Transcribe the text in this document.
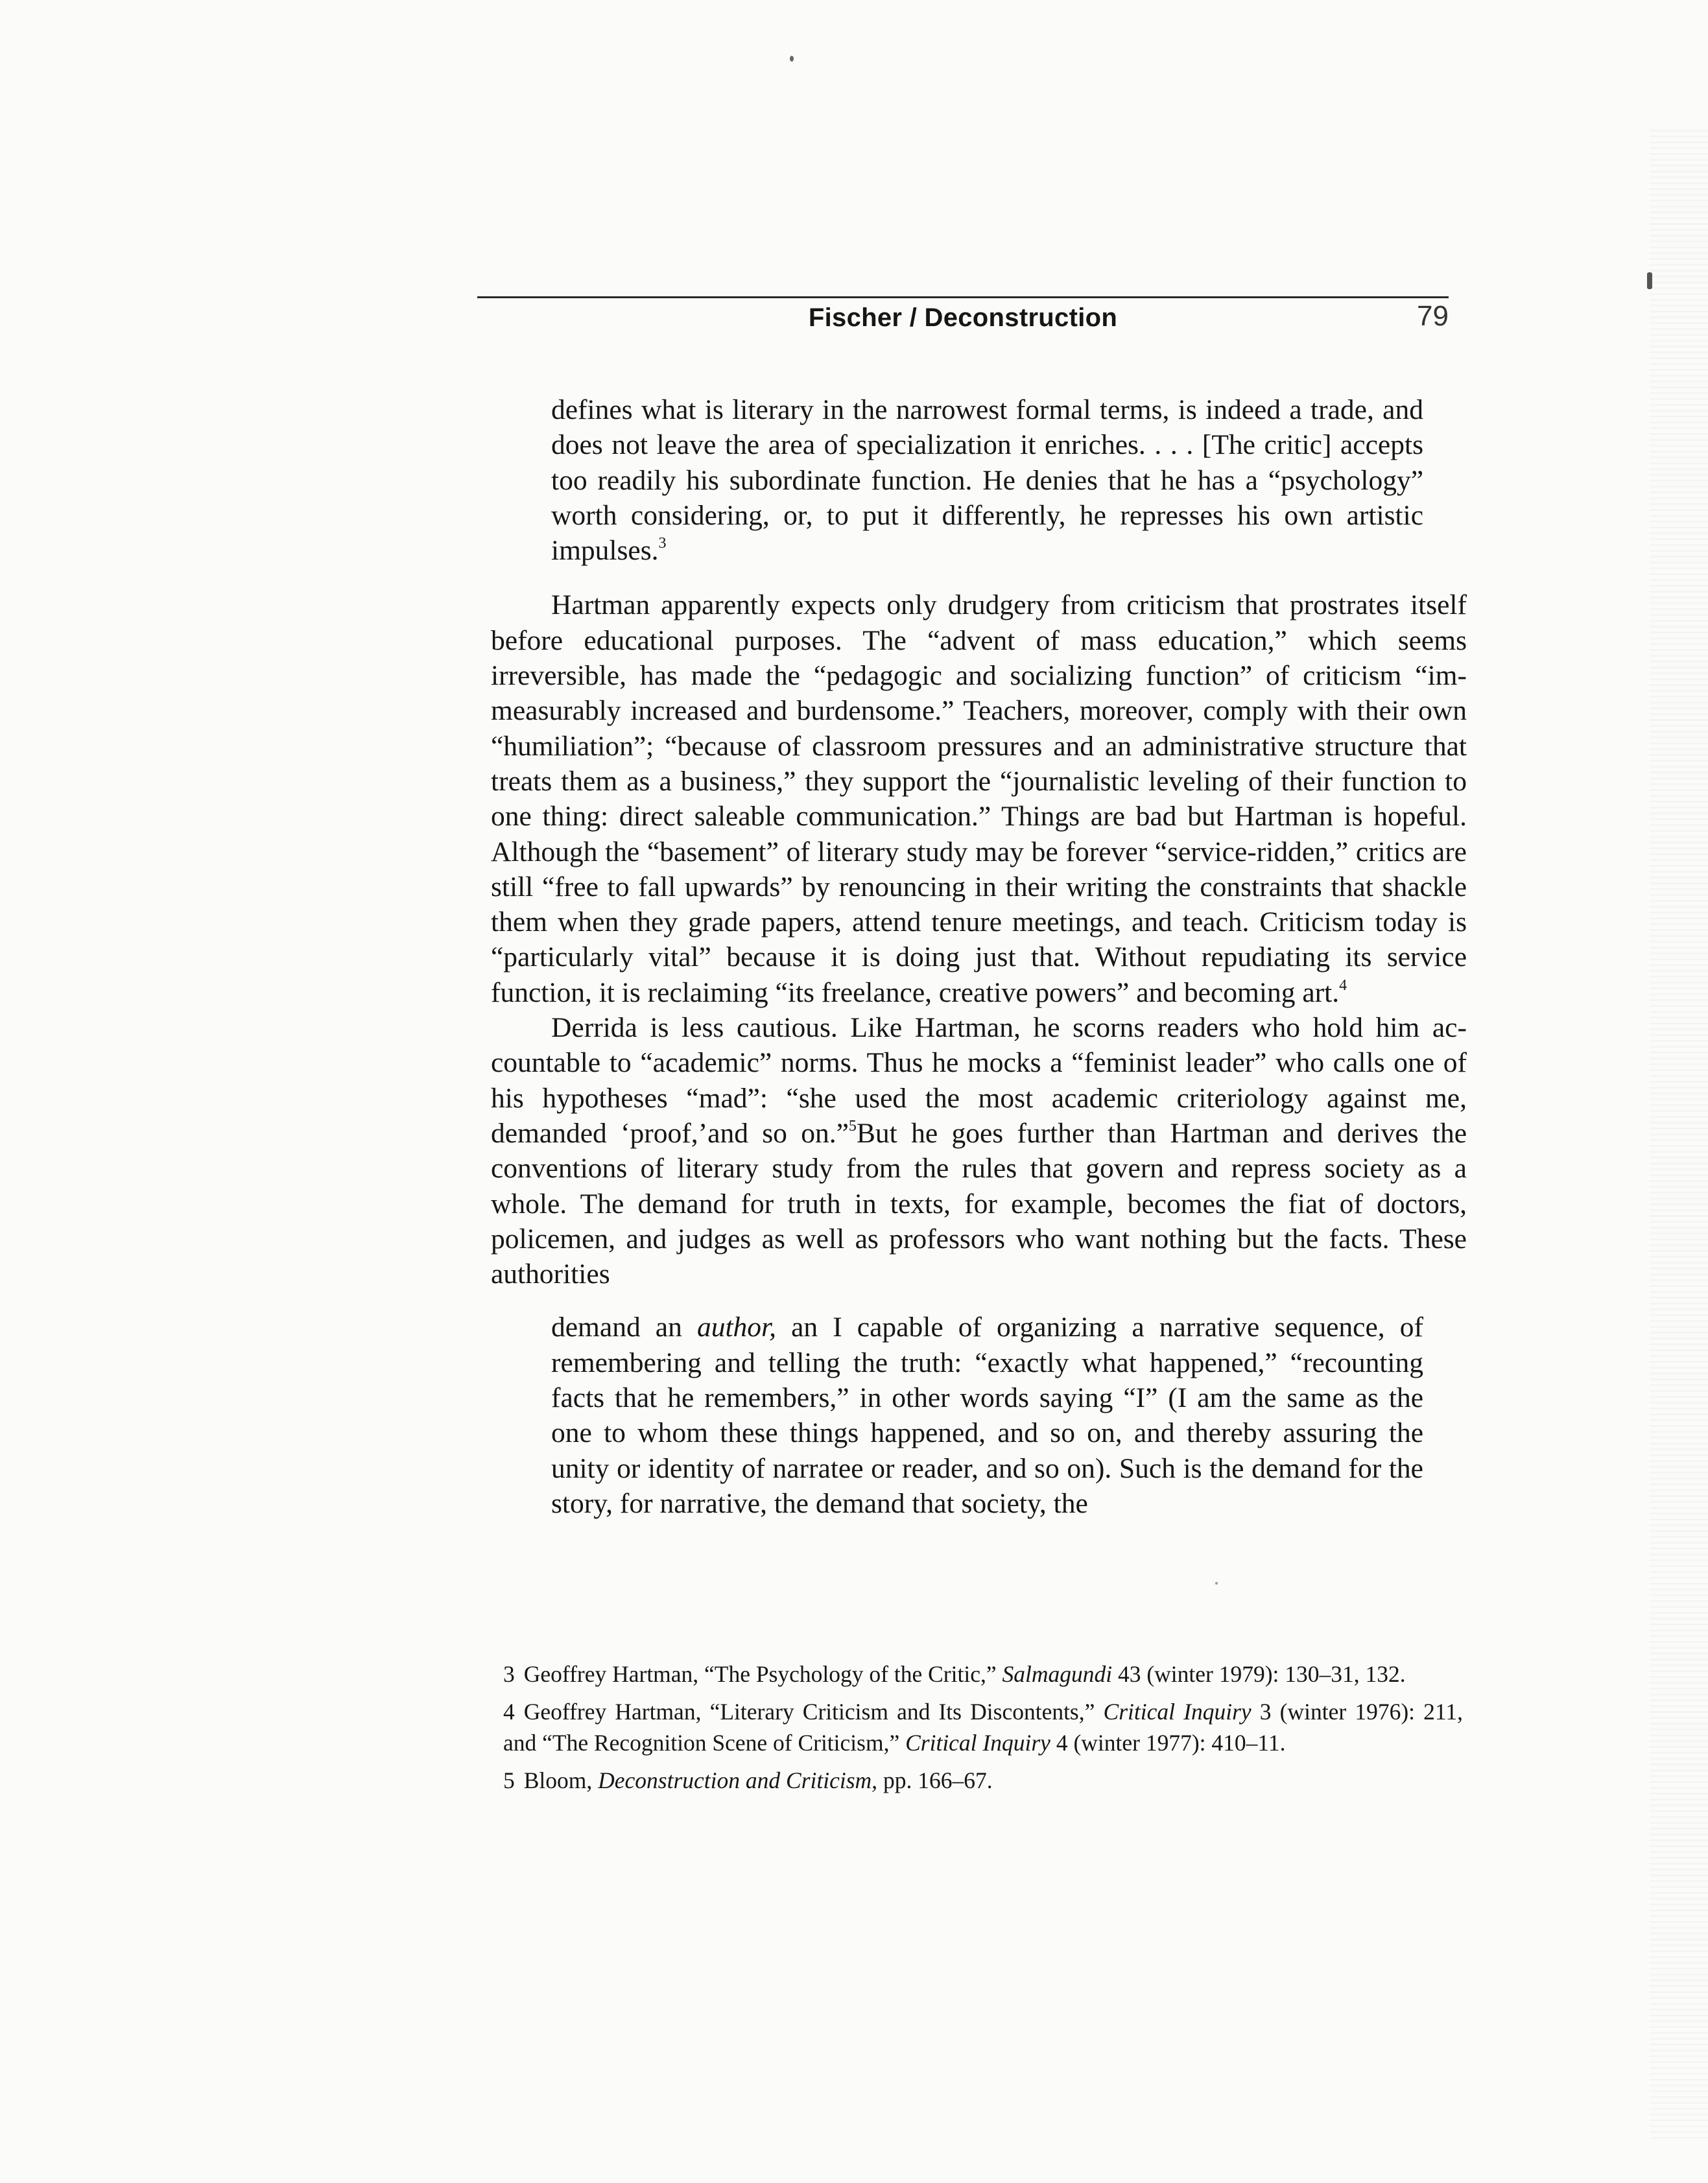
Fischer / Deconstruction	79
defines what is literary in the narrowest formal terms, is indeed a trade, and does not leave the area of specialization it enriches. . . . [The critic] accepts too readily his subordinate function. He denies that he has a “psychology” worth considering, or, to put it differently, he represses his own artistic impulses.$^3$

Hartman apparently expects only drudgery from criticism that prostrates itself before educational purposes. The “advent of mass education,” which seems irreversible, has made the “pedagogic and socializing function” of criticism “immeasurably increased and burdensome.” Teachers, moreover, comply with their own “humiliation”; “because of classroom pressures and an administrative structure that treats them as a business,” they support the “journalistic leveling of their function to one thing: direct saleable communication.” Things are bad but Hartman is hopeful. Although the “basement” of literary study may be forever “service-ridden,” critics are still “free to fall upwards” by renouncing in their writing the constraints that shackle them when they grade papers, attend tenure meetings, and teach. Criticism today is “particularly vital” because it is doing just that. Without repudiating its service function, it is reclaiming “its freelance, creative powers” and becoming art.$^4$

Derrida is less cautious. Like Hartman, he scorns readers who hold him accountable to “academic” norms. Thus he mocks a “feminist leader” who calls one of his hypotheses “mad”: “she used the most academic criteriology against me, demanded ‘proof,’and so on.”$^5$But he goes further than Hartman and derives the conventions of literary study from the rules that govern and repress society as a whole. The demand for truth in texts, for example, becomes the fiat of doctors, policemen, and judges as well as professors who want nothing but the facts. These authorities

demand an author, an I capable of organizing a narrative sequence, of remembering and telling the truth: “exactly what happened,” “recounting facts that he remembers,” in other words saying “I” (I am the same as the one to whom these things happened, and so on, and thereby assuring the unity or identity of narratee or reader, and so on). Such is the demand for the story, for narrative, the demand that society, the

3 Geoffrey Hartman, “The Psychology of the Critic,” Salmagundi 43 (winter 1979): 130–31, 132.

4 Geoffrey Hartman, “Literary Criticism and Its Discontents,” Critical Inquiry 3 (winter 1976): 211, and “The Recognition Scene of Criticism,” Critical Inquiry 4 (winter 1977): 410–11.

5 Bloom, Deconstruction and Criticism, pp. 166–67.
